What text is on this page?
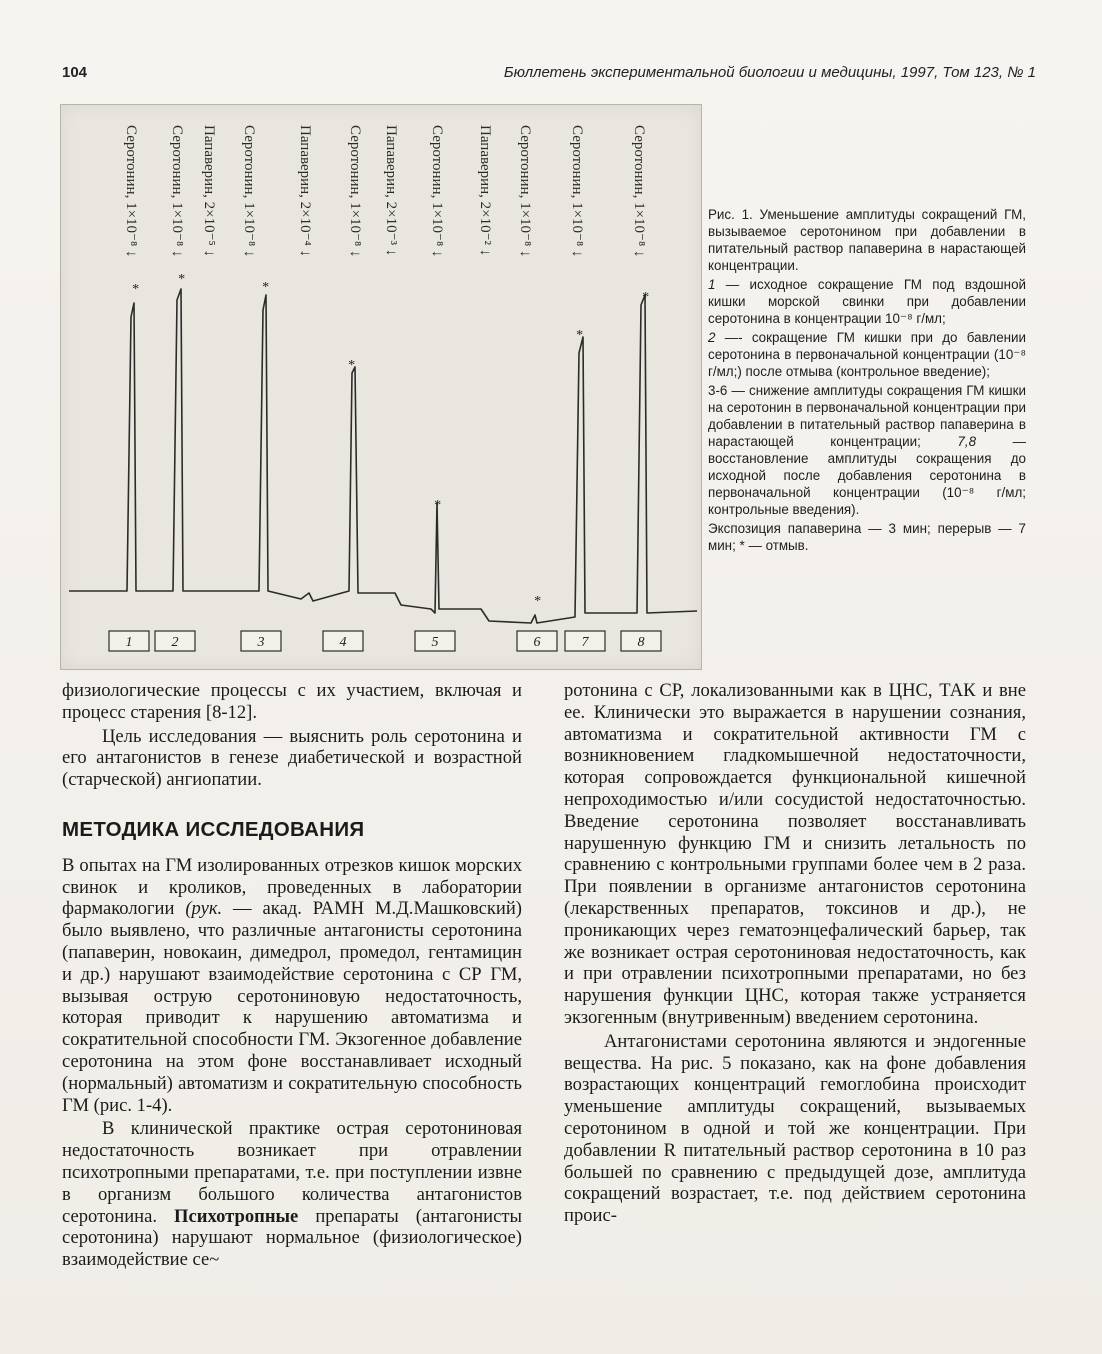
104	Бюллетень экспериментальной биологии и медицины, 1997, Том 123, № 1
Серотонин, 1×10⁻⁸ ↓ Серотонин, 1×10⁻⁸ ↓ Папаверин, 2×10⁻⁵ ↓ Серотонин, 1×10⁻⁸ ↓	Папаверин, 2×10⁻⁴ ↓ Серотонин, 1×10⁻⁸ ↓ Папаверин, 2×10⁻³ ↓ Серотонин, 1×10⁻⁸ ↓ Папаверин, 2×10⁻² ↓ Серотонин, 1×10⁻⁸ ↓ Серотонин, 1×10⁻⁸ ↓	Серотонин, 1×10⁻⁸ ↓
*
*
*
*
*
*
*
*
1	2	3	4	5	6	7	8

Рис. 1. Уменьшение амплитуды сокращений ГМ, вызываемое серотонином при добавлении в питательный раствор папаверина в нарастающей концентрации.

1 — исходное сокращение ГМ под вздошной кишки морской свинки при добавлении серотонина в концентрации 10⁻⁸ г/мл;

2 —- сокращение ГМ кишки при до бавлении серотонина в первоначальной концентрации (10⁻⁸ г/мл;) после отмыва (контрольное введение);

3-6 — снижение амплитуды сокращения ГМ кишки на серотонин в первоначальной концентрации при добавлении в питательный раствор папаверина в нарастающей концентрации; 7,8 — восстановление амплитуды сокращения до исходной после добавления серотонина в первоначальной концентрации (10⁻⁸ г/мл; контрольные введения).

Экспозиция папаверина — 3 мин; перерыв — 7 мин; * — отмыв.

физиологические процессы с их участием, включая и процесс старения [8-12].

Цель исследования — выяснить роль серотонина и его антагонистов в генезе диабетической и возрастной (старческой) ангиопатии.

МЕТОДИКА ИССЛЕДОВАНИЯ

В опытах на ГМ изолированных отрезков кишок морских свинок и кроликов, проведенных в лаборатории фармакологии (рук. — акад. РАМН М.Д.Машковский) было выявлено, что различные антагонисты серотонина (папаверин, новокаин, димедрол, промедол, гентамицин и др.) нарушают взаимодействие серотонина с СР ГМ, вызывая острую серотониновую недостаточность, которая приводит к нарушению автоматизма и сократительной способности ГМ. Экзогенное добавление серотонина на этом фоне восстанавливает исходный (нормальный) автоматизм и сократительную способность ГМ (рис. 1-4).

В клинической практике острая серотониновая недостаточность возникает при отравлении психотропными препаратами, т.е. при поступлении извне в организм большого количества антагонистов серотонина. Психотропные препараты (антагонисты серотонина) нарушают нормальное (физиологическое) взаимодействие се~

ротонина с СР, локализованными как в ЦНС, ТАК и вне ее. Клинически это выражается в нарушении сознания, автоматизма и сократительной активности ГМ с возникновением гладкомышечной недостаточности, которая сопровождается функциональной кишечной непроходимостью и/или сосудистой недостаточностью. Введение серотонина позволяет восстанавливать нарушенную функцию ГМ и снизить летальность по сравнению с контрольными группами более чем в 2 раза. При появлении в организме антагонистов серотонина (лекарственных препаратов, токсинов и др.), не проникающих через гематоэнцефалический барьер, так же возникает острая серотониновая недостаточность, как и при отравлении психотропными препаратами, но без нарушения функции ЦНС, которая также устраняется экзогенным (внутривенным) введением серотонина.

Антагонистами серотонина являются и эндогенные вещества. На рис. 5 показано, как на фоне добавления возрастающих концентраций гемоглобина происходит уменьшение амплитуды сокращений, вызываемых серотонином в одной и той же концентрации. При добавлении R питательный раствор серотонина в 10 раз большей по сравнению с предыдущей дозе, амплитуда сокращений возрастает, т.е. под действием серотонина проис-
